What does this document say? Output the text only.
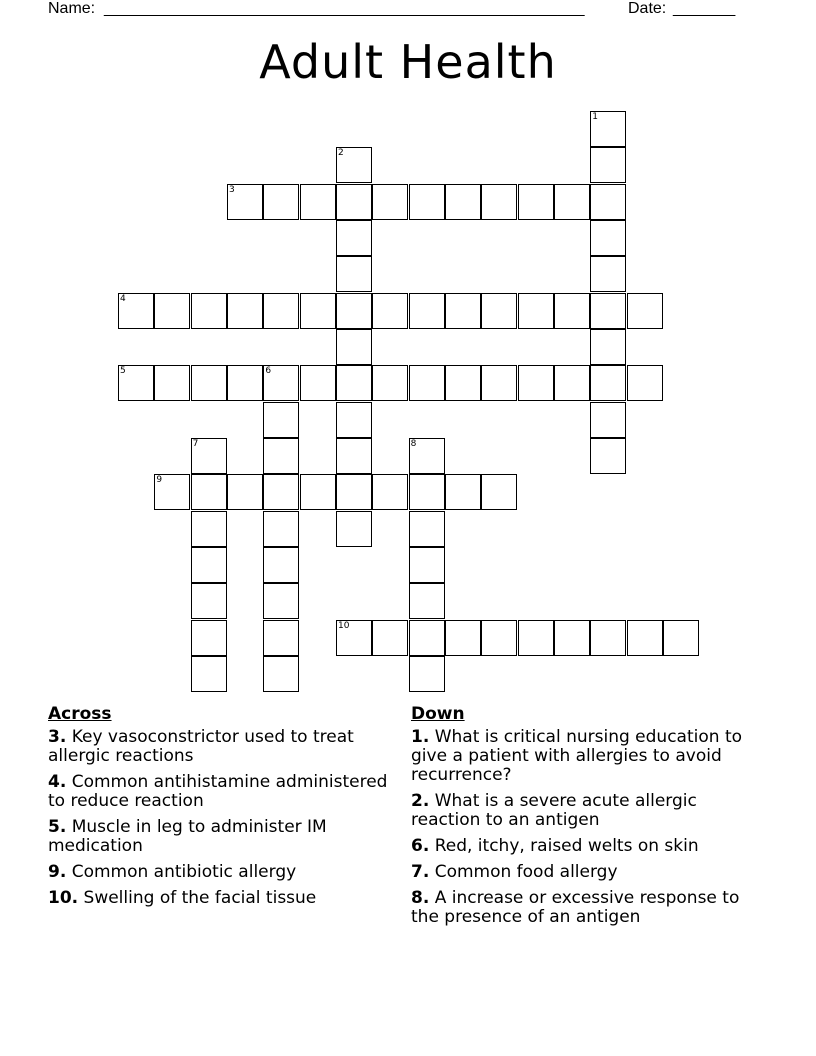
Name: ______________________________________________________	Date: _______
Adult Health
1
2
3
4
5	6
7	8
9
10
Across
3. Key vasoconstrictor used to treat allergic reactions
4. Common antihistamine administered to reduce reaction
5. Muscle in leg to administer IM medication
9. Common antibiotic allergy
10. Swelling of the facial tissue
Down
1. What is critical nursing education to give a patient with allergies to avoid recurrence?
2. What is a severe acute allergic reaction to an antigen
6. Red, itchy, raised welts on skin
7. Common food allergy
8. A increase or excessive response to the presence of an antigen
